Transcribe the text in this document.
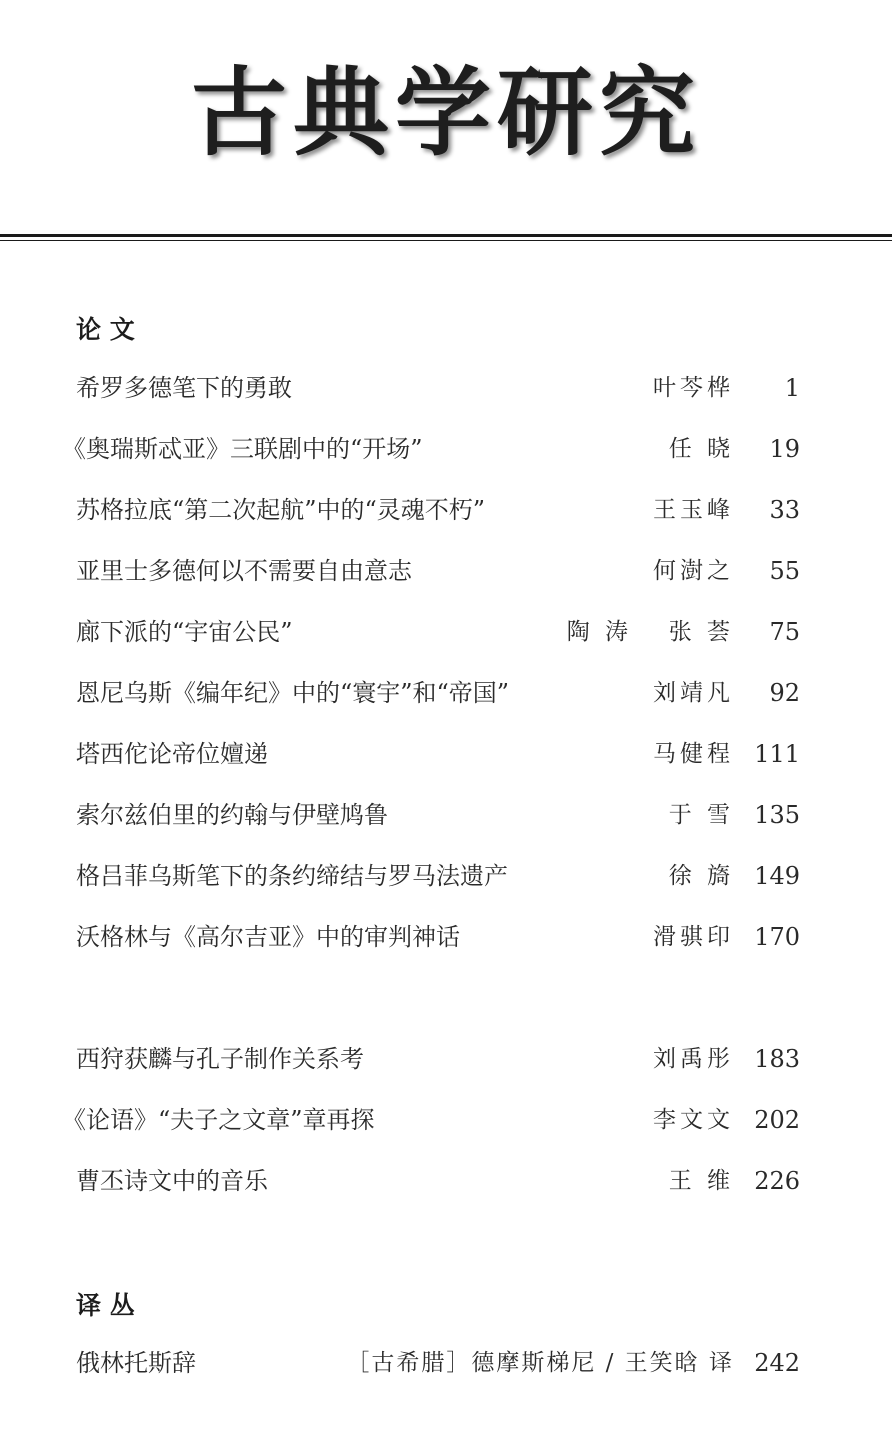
古典学研究
论 文
希罗多德笔下的勇敢	叶芩桦 1
《奥瑞斯忒亚》三联剧中的“开场”	任 晓 19
苏格拉底“第二次起航”中的“灵魂不朽”	王玉峰 33
亚里士多德何以不需要自由意志	何澍之 55
廊下派的“宇宙公民”	陶 涛 张 荟 75
恩尼乌斯《编年纪》中的“寰宇”和“帝国”	刘靖凡 92
塔西佗论帝位嬗递	马健程 111
索尔兹伯里的约翰与伊壁鸠鲁	于 雪 135
格吕菲乌斯笔下的条约缔结与罗马法遗产	徐 旖 149
沃格林与《高尔吉亚》中的审判神话	滑骐印 170
西狩获麟与孔子制作关系考	刘禹彤 183
《论语》“夫子之文章”章再探	李文文 202
曹丕诗文中的音乐	王 维 226
译 丛
俄林托斯辞	［古希腊］德摩斯梯尼 / 王笑晗 译 242
